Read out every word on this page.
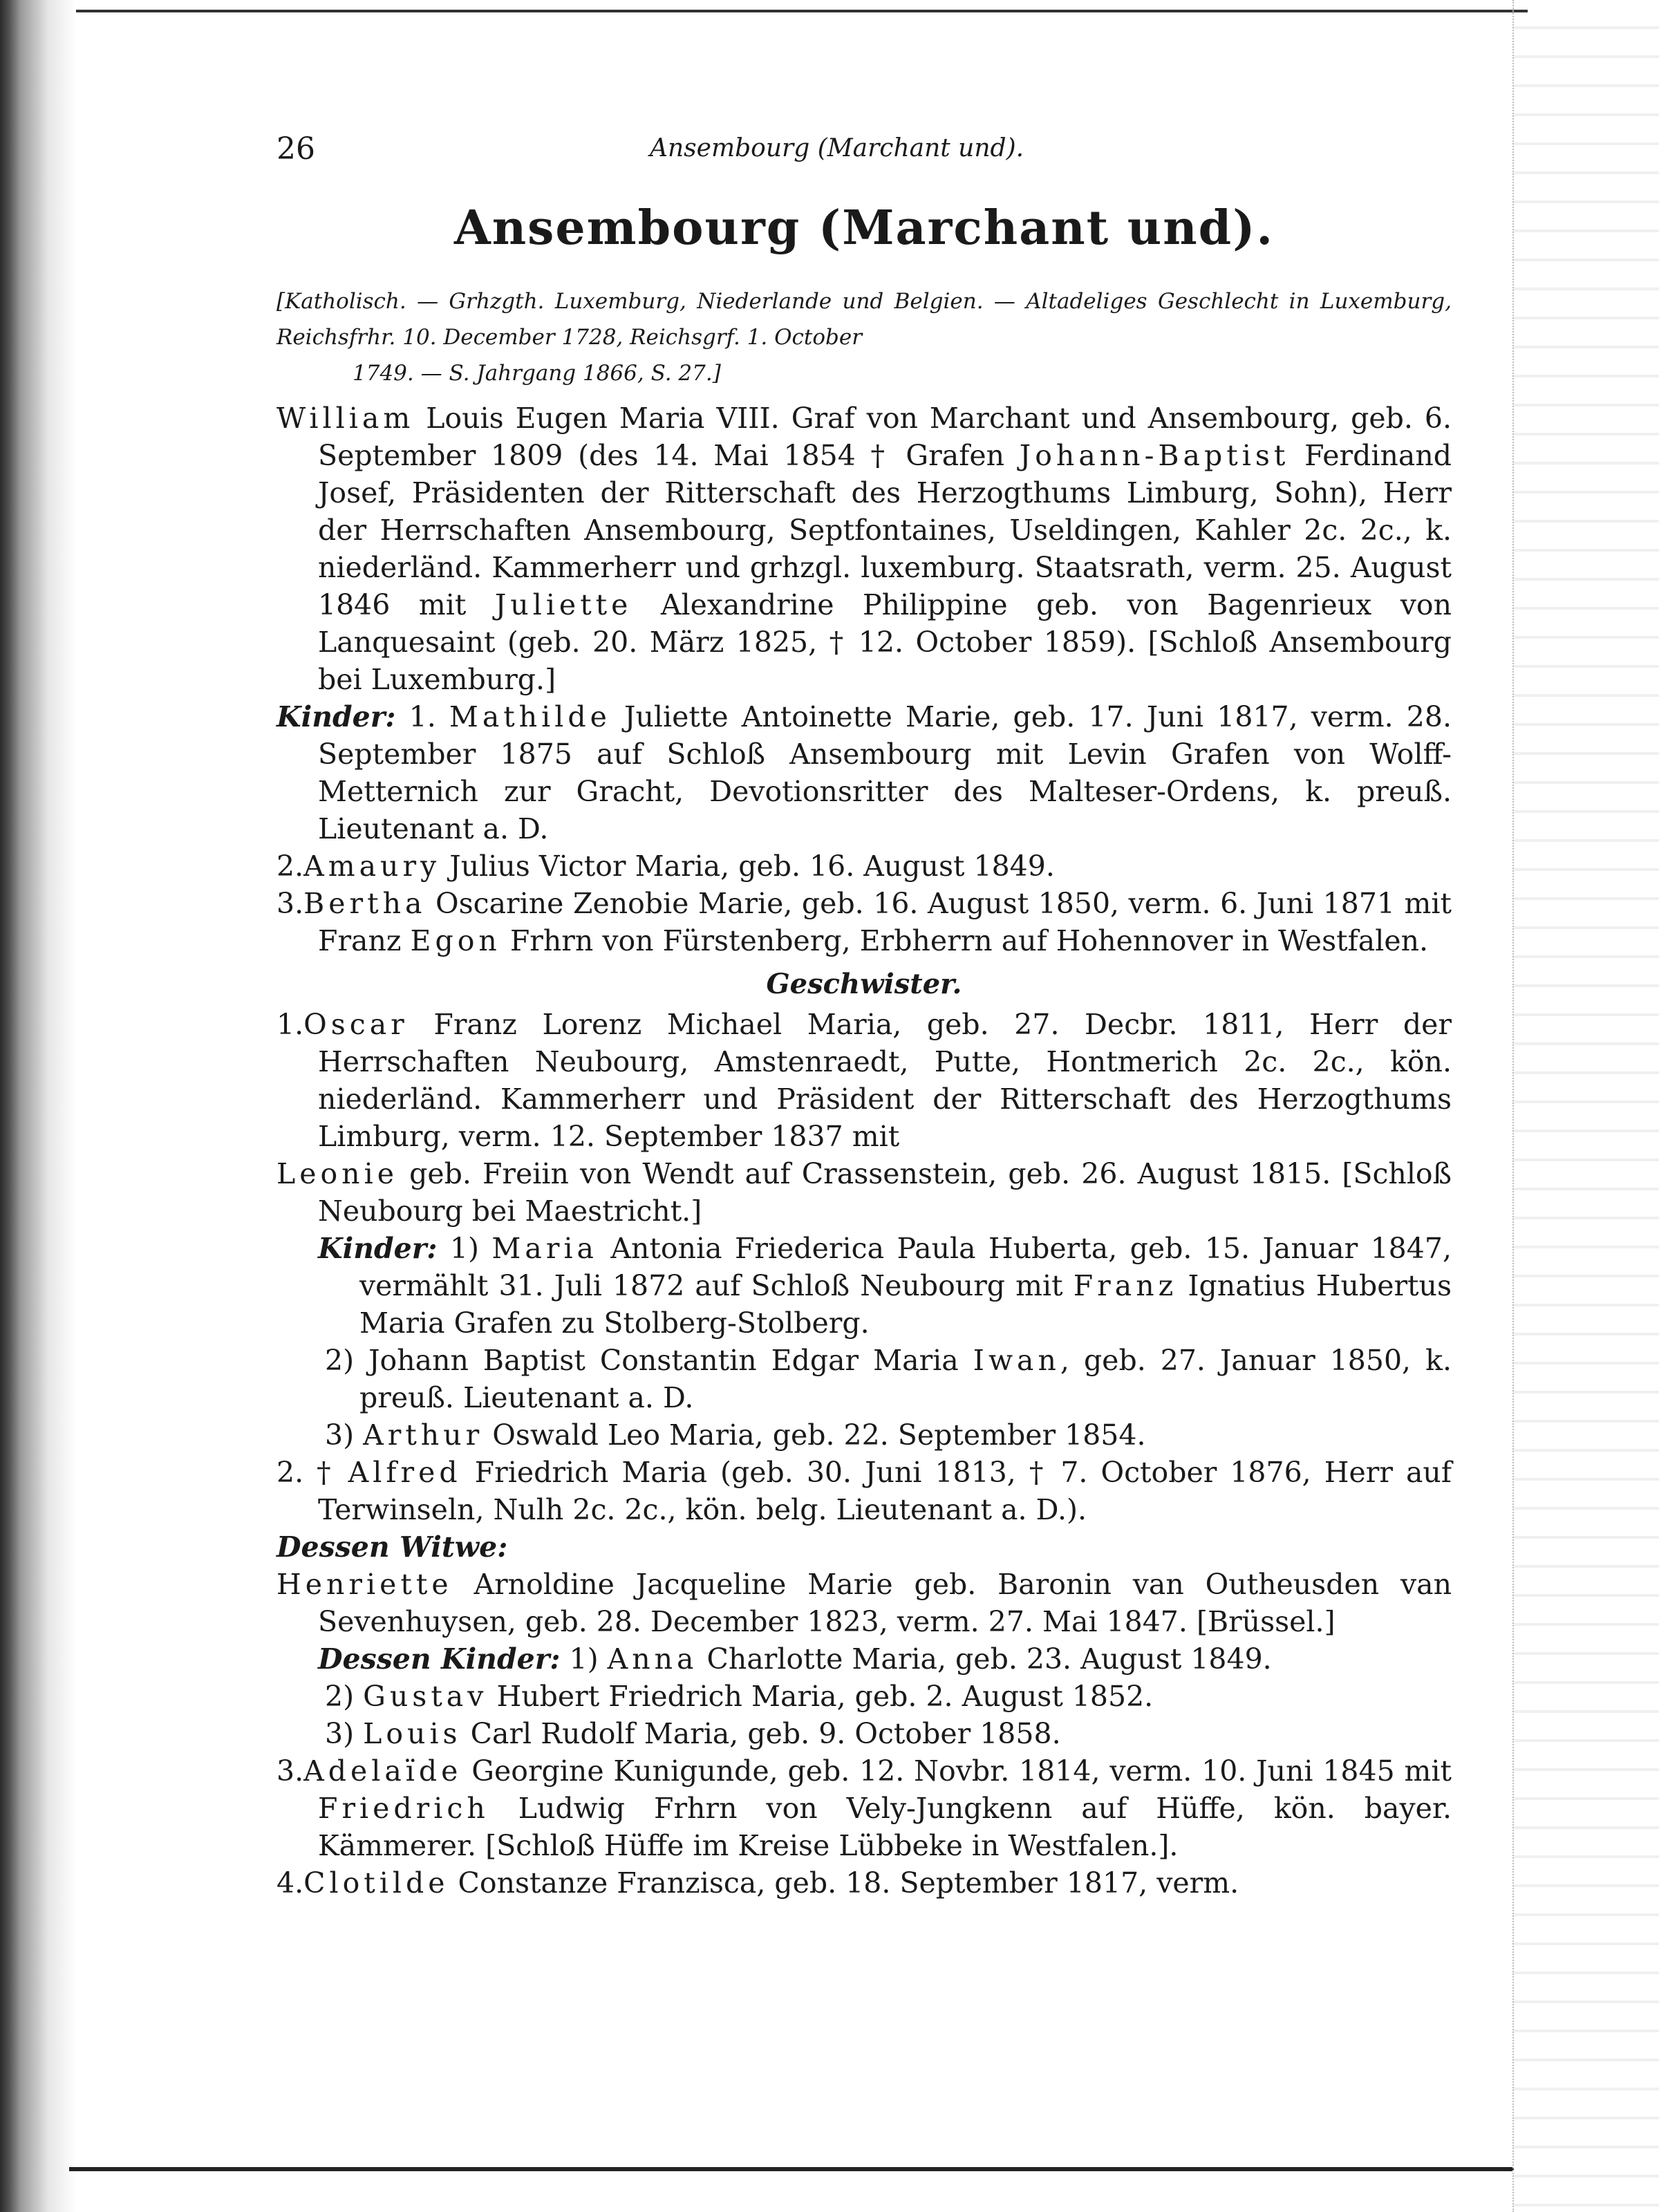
26	Ansembourg (Marchant und).
Ansembourg (Marchant und).
[Katholisch. — Grhzgth. Luxemburg, Niederlande und Belgien. — Altadeliges Geschlecht in Luxemburg, Reichsfrhr. 10. December 1728, Reichsgrf. 1. October
1749. — S. Jahrgang 1866, S. 27.]

William Louis Eugen Maria VIII. Graf von Marchant und Ansembourg, geb. 6. September 1809 (des 14. Mai 1854 † Grafen Johann-Baptist Ferdinand Josef, Präsidenten der Ritterschaft des Herzogthums Limburg, Sohn), Herr der Herrschaften Ansembourg, Septfontaines, Useldingen, Kahler 2c. 2c., k. niederländ. Kammerherr und grhzgl. luxemburg. Staatsrath, verm. 25. August 1846 mit Juliette Alexandrine Philippine geb. von Bagenrieux von Lanquesaint (geb. 20. März 1825, † 12. October 1859). [Schloß Ansembourg bei Luxemburg.]

Kinder: 1. Mathilde Juliette Antoinette Marie, geb. 17. Juni 1817, verm. 28. September 1875 auf Schloß Ansembourg mit Levin Grafen von Wolff-Metternich zur Gracht, Devotionsritter des Malteser-Ordens, k. preuß. Lieutenant a. D.

2.Amaury Julius Victor Maria, geb. 16. August 1849.

3.Bertha Oscarine Zenobie Marie, geb. 16. August 1850, verm. 6. Juni 1871 mit Franz Egon Frhrn von Fürstenberg, Erbherrn auf Hohennover in Westfalen.

Geschwister.

1.Oscar Franz Lorenz Michael Maria, geb. 27. Decbr. 1811, Herr der Herrschaften Neubourg, Amstenraedt, Putte, Hontmerich 2c. 2c., kön. niederländ. Kammerherr und Präsident der Ritterschaft des Herzogthums Limburg, verm. 12. September 1837 mit

Leonie geb. Freiin von Wendt auf Crassenstein, geb. 26. August 1815. [Schloß Neubourg bei Maestricht.]

Kinder: 1) Maria Antonia Friederica Paula Huberta, geb. 15. Januar 1847, vermählt 31. Juli 1872 auf Schloß Neubourg mit Franz Ignatius Hubertus Maria Grafen zu Stolberg-Stolberg.

2) Johann Baptist Constantin Edgar Maria Iwan, geb. 27. Januar 1850, k. preuß. Lieutenant a. D.

3) Arthur Oswald Leo Maria, geb. 22. September 1854.

2. † Alfred Friedrich Maria (geb. 30. Juni 1813, † 7. October 1876, Herr auf Terwinseln, Nulh 2c. 2c., kön. belg. Lieutenant a. D.).

Dessen Witwe:

Henriette Arnoldine Jacqueline Marie geb. Baronin van Outheusden van Sevenhuysen, geb. 28. December 1823, verm. 27. Mai 1847. [Brüssel.]

Dessen Kinder: 1) Anna Charlotte Maria, geb. 23. August 1849.

2) Gustav Hubert Friedrich Maria, geb. 2. August 1852.

3) Louis Carl Rudolf Maria, geb. 9. October 1858.

3.Adelaïde Georgine Kunigunde, geb. 12. Novbr. 1814, verm. 10. Juni 1845 mit Friedrich Ludwig Frhrn von Vely-Jungkenn auf Hüffe, kön. bayer. Kämmerer. [Schloß Hüffe im Kreise Lübbeke in Westfalen.].

4.Clotilde Constanze Franzisca, geb. 18. September 1817, verm.
